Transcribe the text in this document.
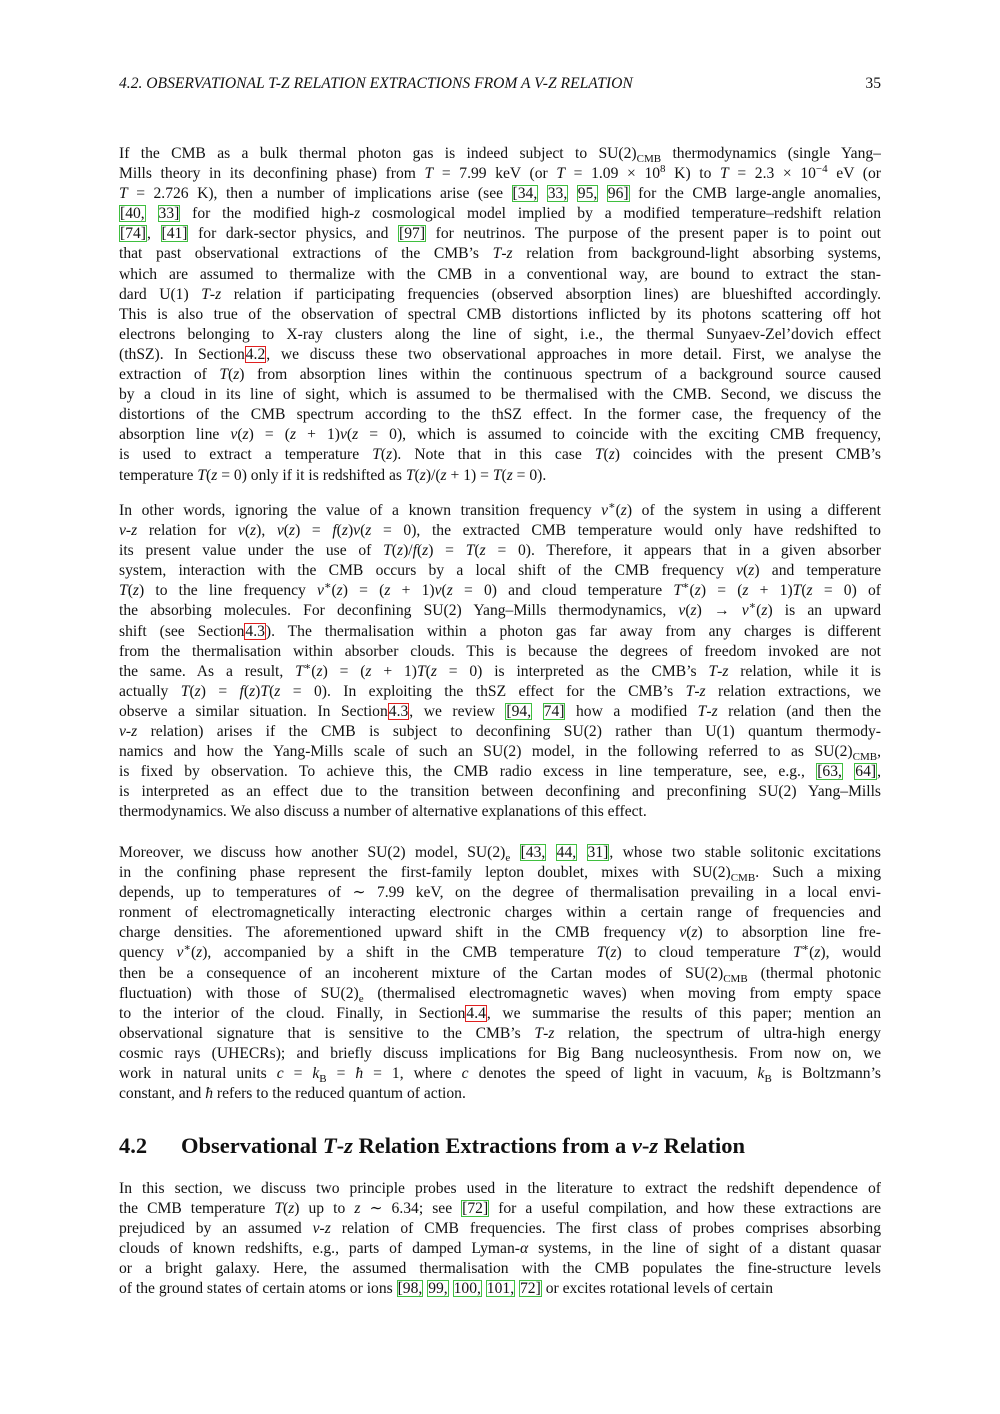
4.2. OBSERVATIONAL T-Z RELATION EXTRACTIONS FROM A V-Z RELATION	35
If the CMB as a bulk thermal photon gas is indeed subject to $SU(2)_{CMB}$ thermodynamics (single Yang–
Mills theory in its deconfining phase) from T = 7.99 keV (or $T = 1.09 \times 10^8$ K) to $T = 2.3 \times 10^{-4}$ eV (or
T = 2.726 K), then a number of implications arise (see [34, 33, 95, 96] for the CMB large-angle anomalies,
[40, 33] for the modified high-z cosmological model implied by a modified temperature–redshift relation
[74], [41] for dark-sector physics, and [97] for neutrinos. The purpose of the present paper is to point out
that past observational extractions of the CMB’s T-z relation from background-light absorbing systems,
which are assumed to thermalize with the CMB in a conventional way, are bound to extract the stan-
dard U(1) T-z relation if participating frequencies (observed absorption lines) are blueshifted accordingly.
This is also true of the observation of spectral CMB distortions inflicted by its photons scattering off hot
electrons belonging to X-ray clusters along the line of sight, i.e., the thermal Sunyaev-Zel’dovich effect
(thSZ). In Section4.2, we discuss these two observational approaches in more detail. First, we analyse the
extraction of T(z) from absorption lines within the continuous spectrum of a background source caused
by a cloud in its line of sight, which is assumed to be thermalised with the CMB. Second, we discuss the
distortions of the CMB spectrum according to the thSZ effect. In the former case, the frequency of the
absorption line ν(z) = (z + 1)ν(z = 0), which is assumed to coincide with the exciting CMB frequency,
is used to extract a temperature T(z). Note that in this case T(z) coincides with the present CMB’s
temperature T(z = 0) only if it is redshifted as T(z)/(z + 1) = T(z = 0).
In other words, ignoring the value of a known transition frequency ν∗(z) of the system in using a different
ν-z relation for ν(z), ν(z) = f(z)ν(z = 0), the extracted CMB temperature would only have redshifted to
its present value under the use of T(z)/f(z) = T(z = 0). Therefore, it appears that in a given absorber
system, interaction with the CMB occurs by a local shift of the CMB frequency ν(z) and temperature
T(z) to the line frequency ν∗(z) = (z + 1)ν(z = 0) and cloud temperature T∗(z) = (z + 1)T(z = 0) of
the absorbing molecules. For deconfining SU(2) Yang–Mills thermodynamics, ν(z) → ν∗(z) is an upward
shift (see Section4.3). The thermalisation within a photon gas far away from any charges is different
from the thermalisation within absorber clouds. This is because the degrees of freedom invoked are not
the same. As a result, T∗(z) = (z + 1)T(z = 0) is interpreted as the CMB’s T-z relation, while it is
actually T(z) = f(z)T(z = 0). In exploiting the thSZ effect for the CMB’s T-z relation extractions, we
observe a similar situation. In Section4.3, we review [94, 74] how a modified T-z relation (and then the
ν-z relation) arises if the CMB is subject to deconfining SU(2) rather than U(1) quantum thermody-
namics and how the Yang-Mills scale of such an SU(2) model, in the following referred to as $SU(2)_{CMB}$,
is fixed by observation. To achieve this, the CMB radio excess in line temperature, see, e.g., [63, 64],
is interpreted as an effect due to the transition between deconfining and preconfining SU(2) Yang–Mills
thermodynamics. We also discuss a number of alternative explanations of this effect.
Moreover, we discuss how another SU(2) model, $SU(2)_e$ [43, 44, 31], whose two stable solitonic excitations
in the confining phase represent the first-family lepton doublet, mixes with $SU(2)_{CMB}$. Such a mixing
depends, up to temperatures of ∼ 7.99 keV, on the degree of thermalisation prevailing in a local envi-
ronment of electromagnetically interacting electronic charges within a certain range of frequencies and
charge densities. The aforementioned upward shift in the CMB frequency ν(z) to absorption line fre-
quency ν∗(z), accompanied by a shift in the CMB temperature T(z) to cloud temperature T∗(z), would
then be a consequence of an incoherent mixture of the Cartan modes of $SU(2)_{CMB}$ (thermal photonic
fluctuation) with those of $SU(2)_e$ (thermalised electromagnetic waves) when moving from empty space
to the interior of the cloud. Finally, in Section4.4, we summarise the results of this paper; mention an
observational signature that is sensitive to the CMB’s T-z relation, the spectrum of ultra-high energy
cosmic rays (UHECRs); and briefly discuss implications for Big Bang nucleosynthesis. From now on, we
work in natural units $c = k_B$ = ħ = 1, where c denotes the speed of light in vacuum, $k_B$ is Boltzmann’s
constant, and ħ refers to the reduced quantum of action.
4.2 Observational T-z Relation Extractions from a v-z Relation
In this section, we discuss two principle probes used in the literature to extract the redshift dependence of
the CMB temperature T(z) up to z ∼ 6.34; see [72] for a useful compilation, and how these extractions are
prejudiced by an assumed ν-z relation of CMB frequencies. The first class of probes comprises absorbing
clouds of known redshifts, e.g., parts of damped Lyman-α systems, in the line of sight of a distant quasar
or a bright galaxy. Here, the assumed thermalisation with the CMB populates the fine-structure levels
of the ground states of certain atoms or ions [98, 99, 100, 101, 72] or excites rotational levels of certain
